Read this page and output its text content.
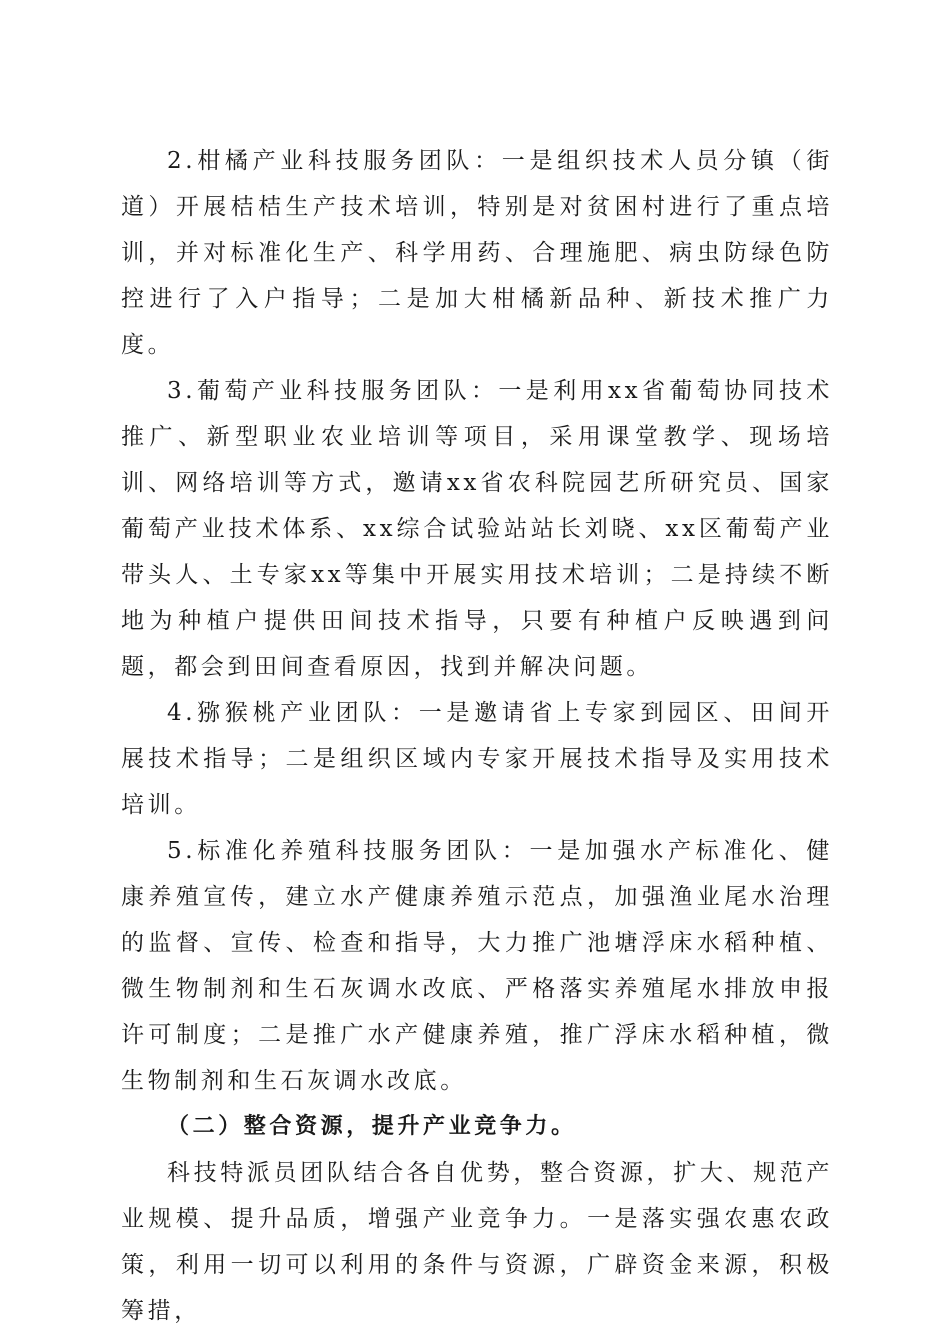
2.柑橘产业科技服务团队：一是组织技术人员分镇（街道）开展桔桔生产技术培训，特别是对贫困村进行了重点培训，并对标准化生产、科学用药、合理施肥、病虫防绿色防控进行了入户指导；二是加大柑橘新品种、新技术推广力度。

3.葡萄产业科技服务团队：一是利用xx省葡萄协同技术推广、新型职业农业培训等项目，采用课堂教学、现场培训、网络培训等方式，邀请xx省农科院园艺所研究员、国家葡萄产业技术体系、xx综合试验站站长刘晓、xx区葡萄产业带头人、土专家xx等集中开展实用技术培训；二是持续不断地为种植户提供田间技术指导，只要有种植户反映遇到问题，都会到田间查看原因，找到并解决问题。

4.猕猴桃产业团队：一是邀请省上专家到园区、田间开展技术指导；二是组织区域内专家开展技术指导及实用技术培训。

5.标准化养殖科技服务团队：一是加强水产标准化、健康养殖宣传，建立水产健康养殖示范点，加强渔业尾水治理的监督、宣传、检查和指导，大力推广池塘浮床水稻种植、微生物制剂和生石灰调水改底、严格落实养殖尾水排放申报许可制度；二是推广水产健康养殖，推广浮床水稻种植，微生物制剂和生石灰调水改底。

（二）整合资源，提升产业竞争力。

科技特派员团队结合各自优势，整合资源，扩大、规范产业规模、提升品质，增强产业竞争力。一是落实强农惠农政策，利用一切可以利用的条件与资源，广辟资金来源，积极筹措，
